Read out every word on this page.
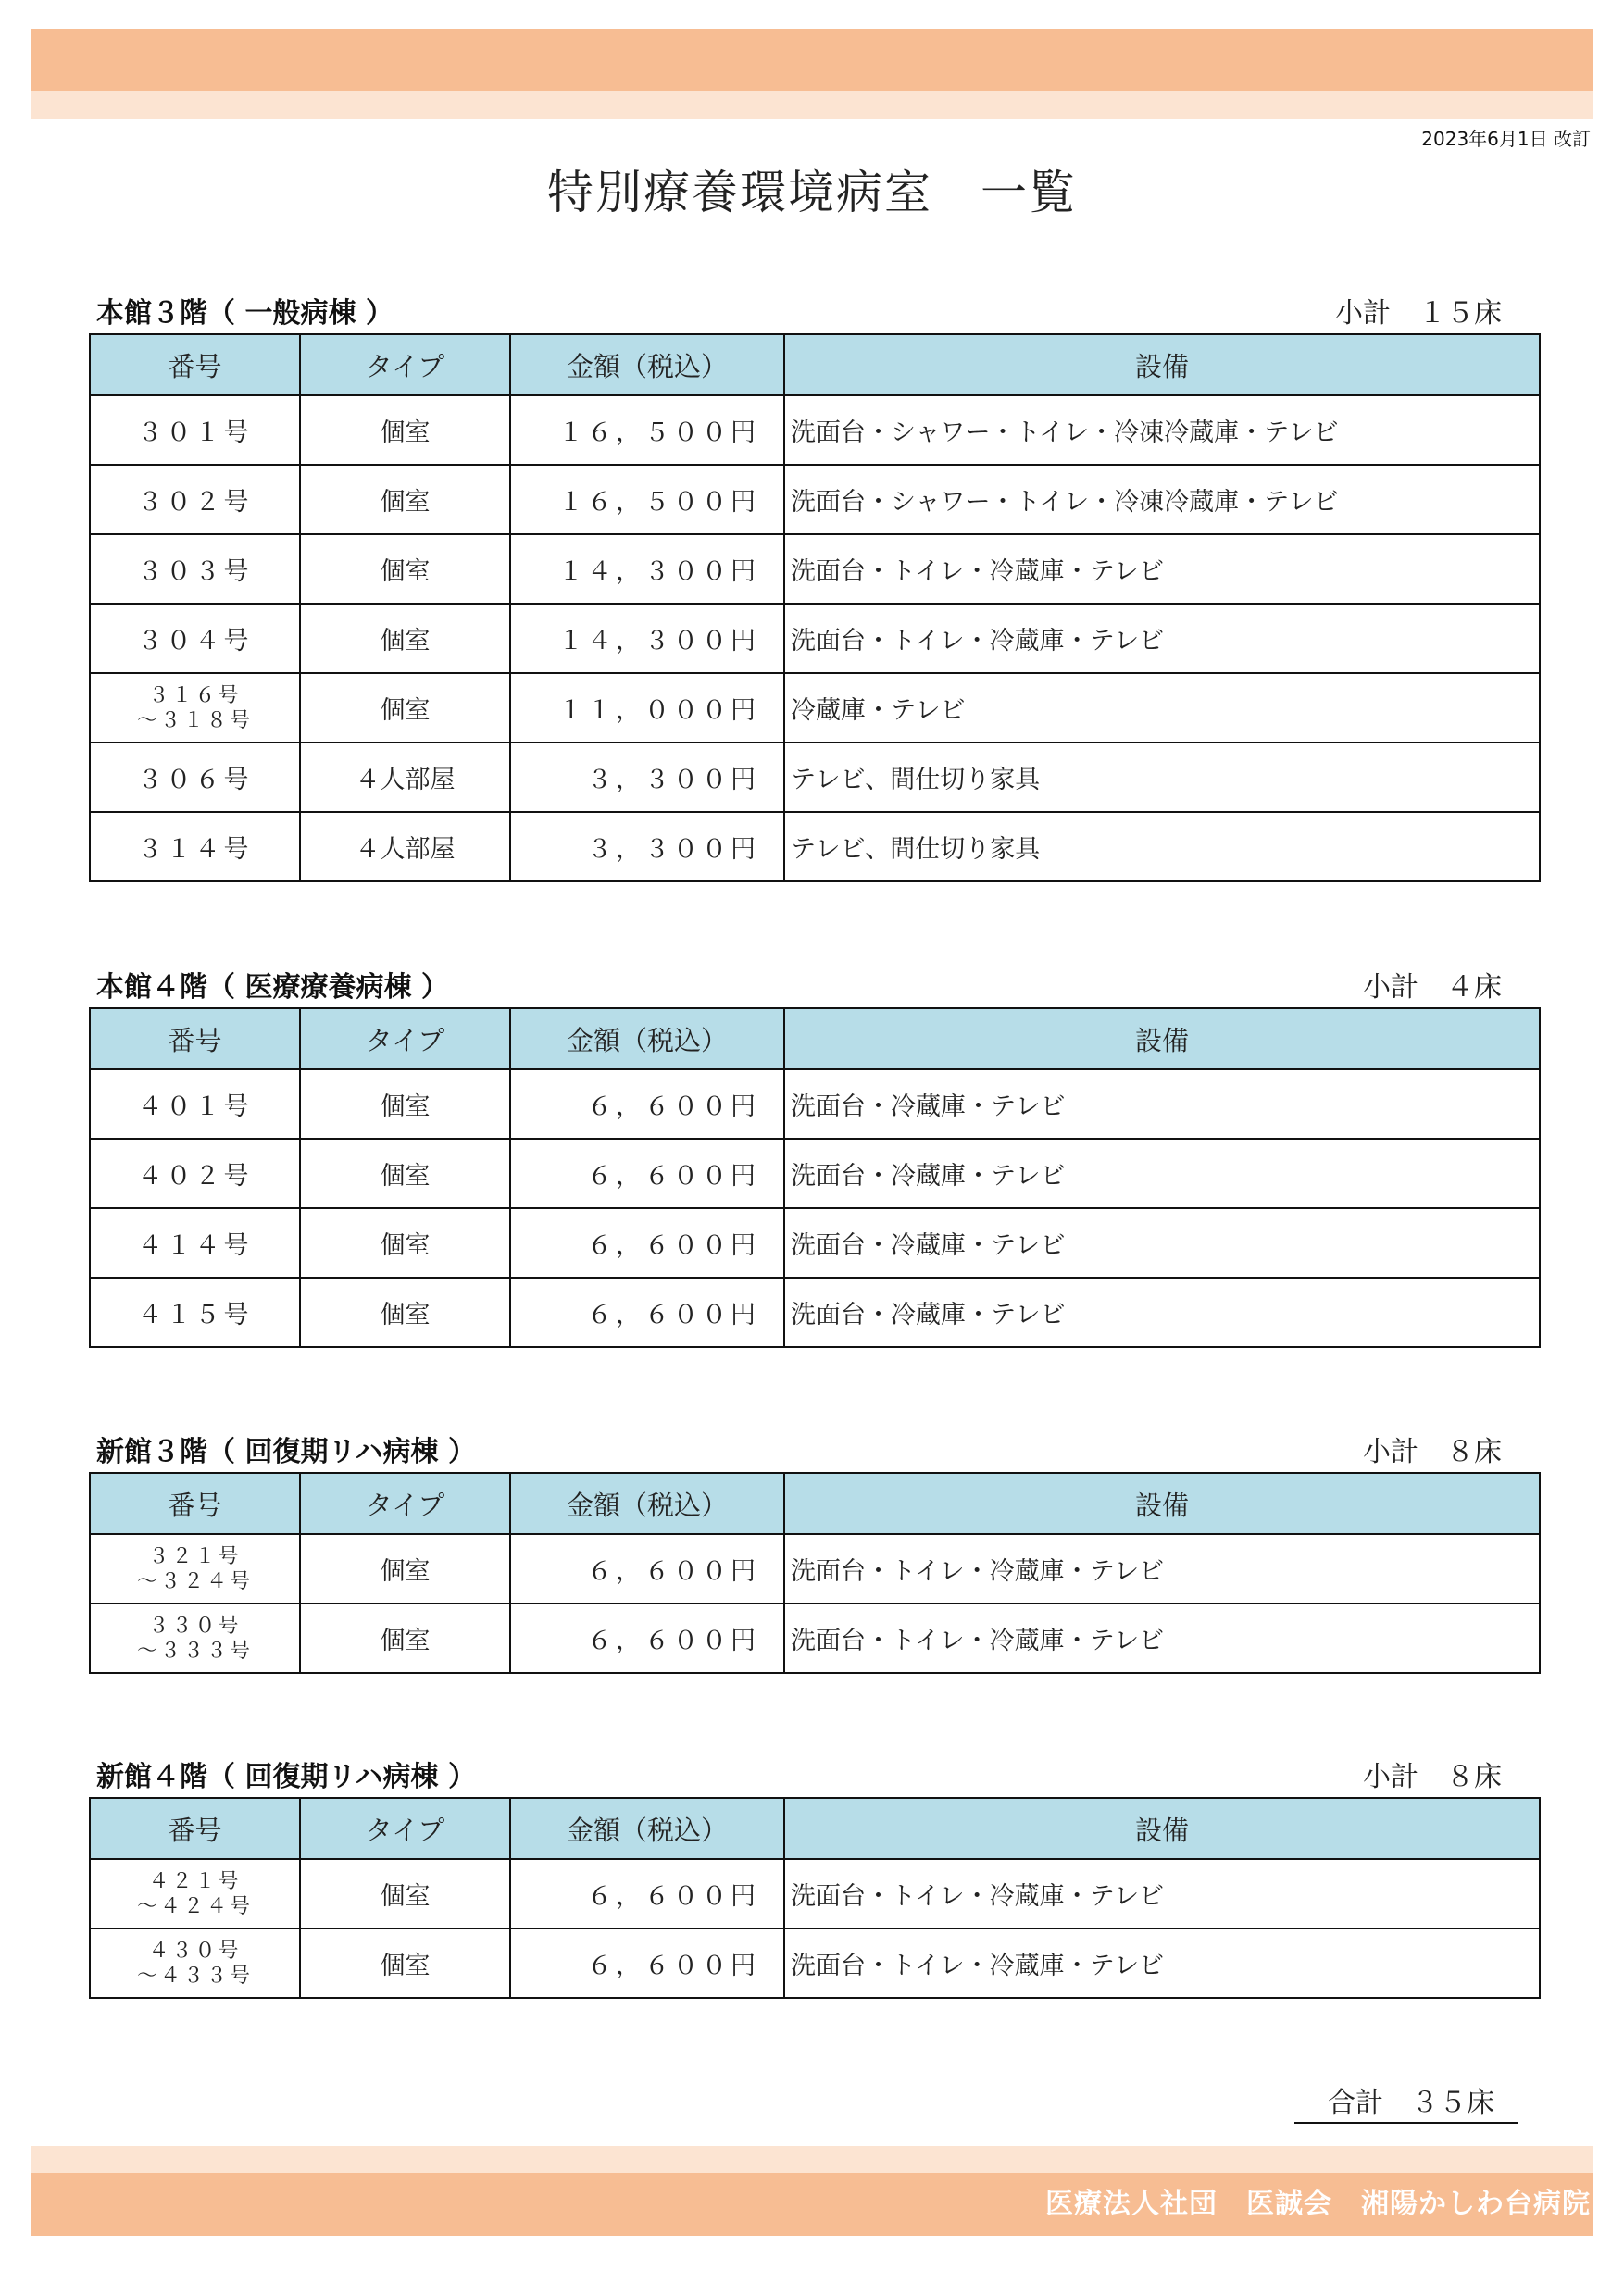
2023年6月1日 改訂
特別療養環境病室　一覧
本館３階（ 一般病棟 ）	小計　１５床
番号	タイプ	金額（税込）	設備
３０１号	個室	１６，５００円	洗面台・シャワー・トイレ・冷凍冷蔵庫・テレビ
３０２号	個室	１６，５００円	洗面台・シャワー・トイレ・冷凍冷蔵庫・テレビ
３０３号	個室	１４，３００円	洗面台・トイレ・冷蔵庫・テレビ
３０４号	個室	１４，３００円	洗面台・トイレ・冷蔵庫・テレビ

３１６号
～３１８号	個室	１１，０００円	冷蔵庫・テレビ
３０６号	４人部屋	３，３００円	テレビ、間仕切り家具
３１４号	４人部屋	３，３００円	テレビ、間仕切り家具
本館４階（ 医療療養病棟 ）	小計　４床
番号	タイプ	金額（税込）	設備
４０１号	個室	６，６００円	洗面台・冷蔵庫・テレビ
４０２号	個室	６，６００円	洗面台・冷蔵庫・テレビ
４１４号	個室	６，６００円	洗面台・冷蔵庫・テレビ
４１５号	個室	６，６００円	洗面台・冷蔵庫・テレビ
新館３階（ 回復期リハ病棟 ）	小計　８床
番号	タイプ	金額（税込）	設備

３２１号
～３２４号	個室	６，６００円	洗面台・トイレ・冷蔵庫・テレビ

３３０号
～３３３号	個室	６，６００円	洗面台・トイレ・冷蔵庫・テレビ
新館４階（ 回復期リハ病棟 ）	小計　８床
番号	タイプ	金額（税込）	設備

４２１号
～４２４号	個室	６，６００円	洗面台・トイレ・冷蔵庫・テレビ

４３０号
～４３３号	個室	６，６００円	洗面台・トイレ・冷蔵庫・テレビ
合計　３５床
医療法人社団　医誠会　湘陽かしわ台病院
